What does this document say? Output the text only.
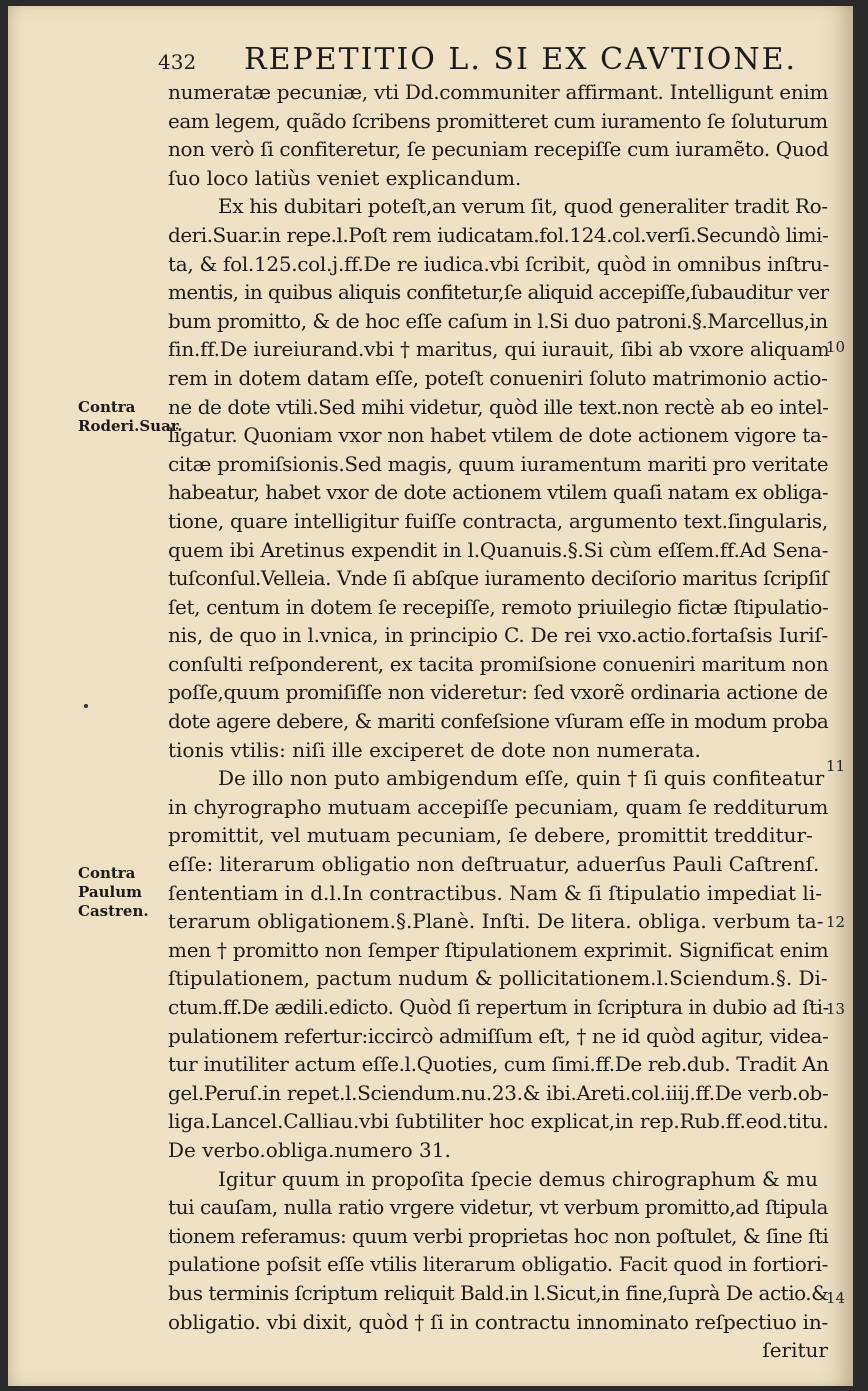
432 REPETITIO L. SI EX CAVTIONE.
Contra Roderi.Suar.
Contra Paulum Castren.
10
11
12
13
14
numeratæ pecuniæ, vti Dd.communiter affirmant. Intelligunt enim
eam legem, quãdo ſcribens promitteret cum iuramento ſe ſoluturum
non verò ſi confiteretur, ſe pecuniam recepiſſe cum iuramẽto. Quod
ſuo loco latiùs veniet explicandum.
Ex his dubitari poteſt,an verum ſit, quod generaliter tradit Ro-
deri.Suar.in repe.l.Poſt rem iudicatam.fol.124.col.verſi.Secundò limi-
ta, & fol.125.col.j.ff.De re iudica.vbi ſcribit, quòd in omnibus inſtru-
mentis, in quibus aliquis confitetur,ſe aliquid accepiſſe,ſubauditur ver
bum promitto, & de hoc eſſe caſum in l.Si duo patroni.§.Marcellus,in
fin.ff.De iureiurand.vbi † maritus, qui iurauit, ſibi ab vxore aliquam
rem in dotem datam eſſe, poteſt conueniri ſoluto matrimonio actio-
ne de dote vtili.Sed mihi videtur, quòd ille text.non rectè ab eo intel-
ligatur. Quoniam vxor non habet vtilem de dote actionem vigore ta-
citæ promiſsionis.Sed magis, quum iuramentum mariti pro veritate
habeatur, habet vxor de dote actionem vtilem quaſi natam ex obliga-
tione, quare intelligitur fuiſſe contracta, argumento text.ſingularis,
quem ibi Aretinus expendit in l.Quanuis.§.Si cùm eſſem.ff.Ad Sena-
tuſconſul.Velleia. Vnde ſi abſque iuramento deciſorio maritus ſcripſiſ
ſet, centum in dotem ſe recepiſſe, remoto priuilegio fictæ ſtipulatio-
nis, de quo in l.vnica, in principio C. De rei vxo.actio.fortaſsis Iuriſ-
conſulti reſponderent, ex tacita promiſsione conueniri maritum non
poſſe,quum promiſiſſe non videretur: ſed vxorẽ ordinaria actione de
dote agere debere, & mariti confeſsione vſuram eſſe in modum proba
tionis vtilis: niſi ille exciperet de dote non numerata.
De illo non puto ambigendum eſſe, quin † ſi quis confiteatur
in chyrographo mutuam accepiſſe pecuniam, quam ſe redditurum
promittit, vel mutuam pecuniam, ſe debere, promittit tredditur-
eſſe: literarum obligatio non deſtruatur, aduerſus Pauli Caſtrenſ.
ſententiam in d.l.In contractibus. Nam & ſi ſtipulatio impediat li-
terarum obligationem.§.Planè. Inſti. De litera. obliga. verbum ta-
men † promitto non ſemper ſtipulationem exprimit. Significat enim
ſtipulationem, pactum nudum & pollicitationem.l.Sciendum.§. Di-
ctum.ff.De ædili.edicto. Quòd ſi repertum in ſcriptura in dubio ad ſti-
pulationem refertur:iccircò admiſſum eſt, † ne id quòd agitur, videa-
tur inutiliter actum eſſe.l.Quoties, cum ſimi.ff.De reb.dub. Tradit An
gel.Peruſ.in repet.l.Sciendum.nu.23.& ibi.Areti.col.iiij.ff.De verb.ob-
liga.Lancel.Calliau.vbi ſubtiliter hoc explicat,in rep.Rub.ff.eod.titu.
De verbo.obliga.numero 31.
Igitur quum in propoſita ſpecie demus chirographum & mu
tui cauſam, nulla ratio vrgere videtur, vt verbum promitto,ad ſtipula
tionem referamus: quum verbi proprietas hoc non poſtulet, & ſine ſti
pulatione poſsit eſſe vtilis literarum obligatio. Facit quod in fortiori-
bus terminis ſcriptum reliquit Bald.in l.Sicut,in fine,ſuprà De actio.&
obligatio. vbi dixit, quòd † ſi in contractu innominato reſpectiuo in-
ſeritur
